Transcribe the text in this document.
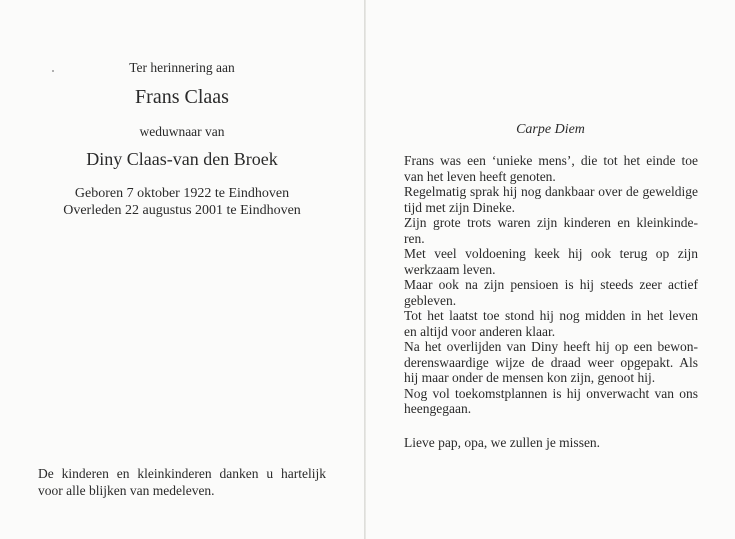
Ter herinnering aan
Frans Claas
weduwnaar van
Diny Claas-van den Broek
Geboren 7 oktober 1922 te Eindhoven
Overleden 22 augustus 2001 te Eindhoven
De kinderen en kleinkinderen danken u hartelijk voor alle blijken van medeleven.
Carpe Diem
Frans was een ‘unieke mens’, die tot het einde toe
van het leven heeft genoten.
Regelmatig sprak hij nog dankbaar over de geweldige
tijd met zijn Dineke.
Zijn grote trots waren zijn kinderen en kleinkinde-
ren.
Met veel voldoening keek hij ook terug op zijn
werkzaam leven.
Maar ook na zijn pensioen is hij steeds zeer actief
gebleven.
Tot het laatst toe stond hij nog midden in het leven
en altijd voor anderen klaar.
Na het overlijden van Diny heeft hij op een bewon-
derenswaardige wijze de draad weer opgepakt. Als
hij maar onder de mensen kon zijn, genoot hij.
Nog vol toekomstplannen is hij onverwacht van ons
heengegaan.
Lieve pap, opa, we zullen je missen.
